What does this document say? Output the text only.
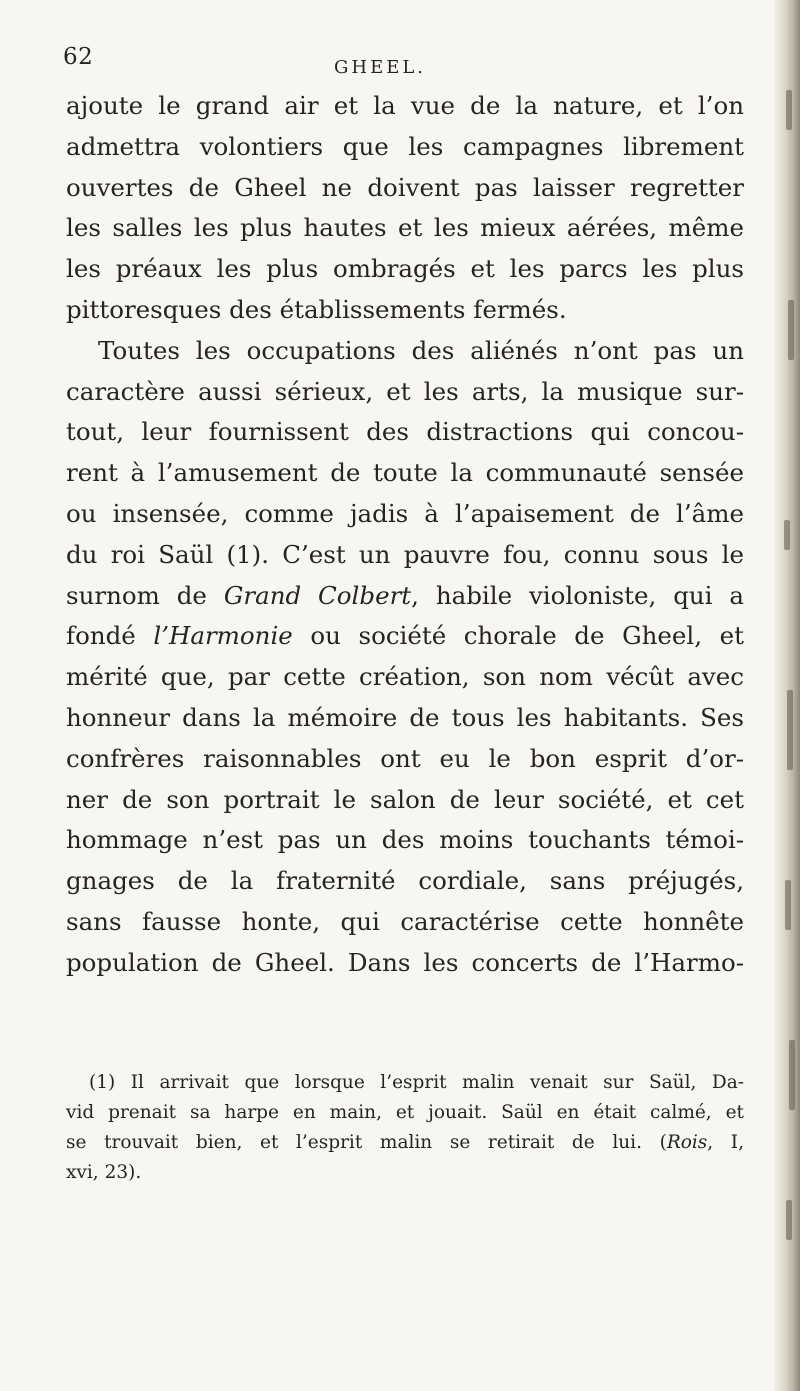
62	GHEEL.
ajoute le grand air et la vue de la nature, et l’on
admettra volontiers que les campagnes librement
ouvertes de Gheel ne doivent pas laisser regretter
les salles les plus hautes et les mieux aérées, même
les préaux les plus ombragés et les parcs les plus
pittoresques des établissements fermés.
Toutes les occupations des aliénés n’ont pas un
caractère aussi sérieux, et les arts, la musique sur-
tout, leur fournissent des distractions qui concou-
rent à l’amusement de toute la communauté sensée
ou insensée, comme jadis à l’apaisement de l’âme
du roi Saül (1). C’est un pauvre fou, connu sous le
surnom de Grand Colbert, habile violoniste, qui a
fondé l’Harmonie ou société chorale de Gheel, et
mérité que, par cette création, son nom vécût avec
honneur dans la mémoire de tous les habitants. Ses
confrères raisonnables ont eu le bon esprit d’or-
ner de son portrait le salon de leur société, et cet
hommage n’est pas un des moins touchants témoi-
gnages de la fraternité cordiale, sans préjugés,
sans fausse honte, qui caractérise cette honnête
population de Gheel. Dans les concerts de l’Harmo-
(1) Il arrivait que lorsque l’esprit malin venait sur Saül, Da-
vid prenait sa harpe en main, et jouait. Saül en était calmé, et
se trouvait bien, et l’esprit malin se retirait de lui. (Rois, I,
xvi, 23).
